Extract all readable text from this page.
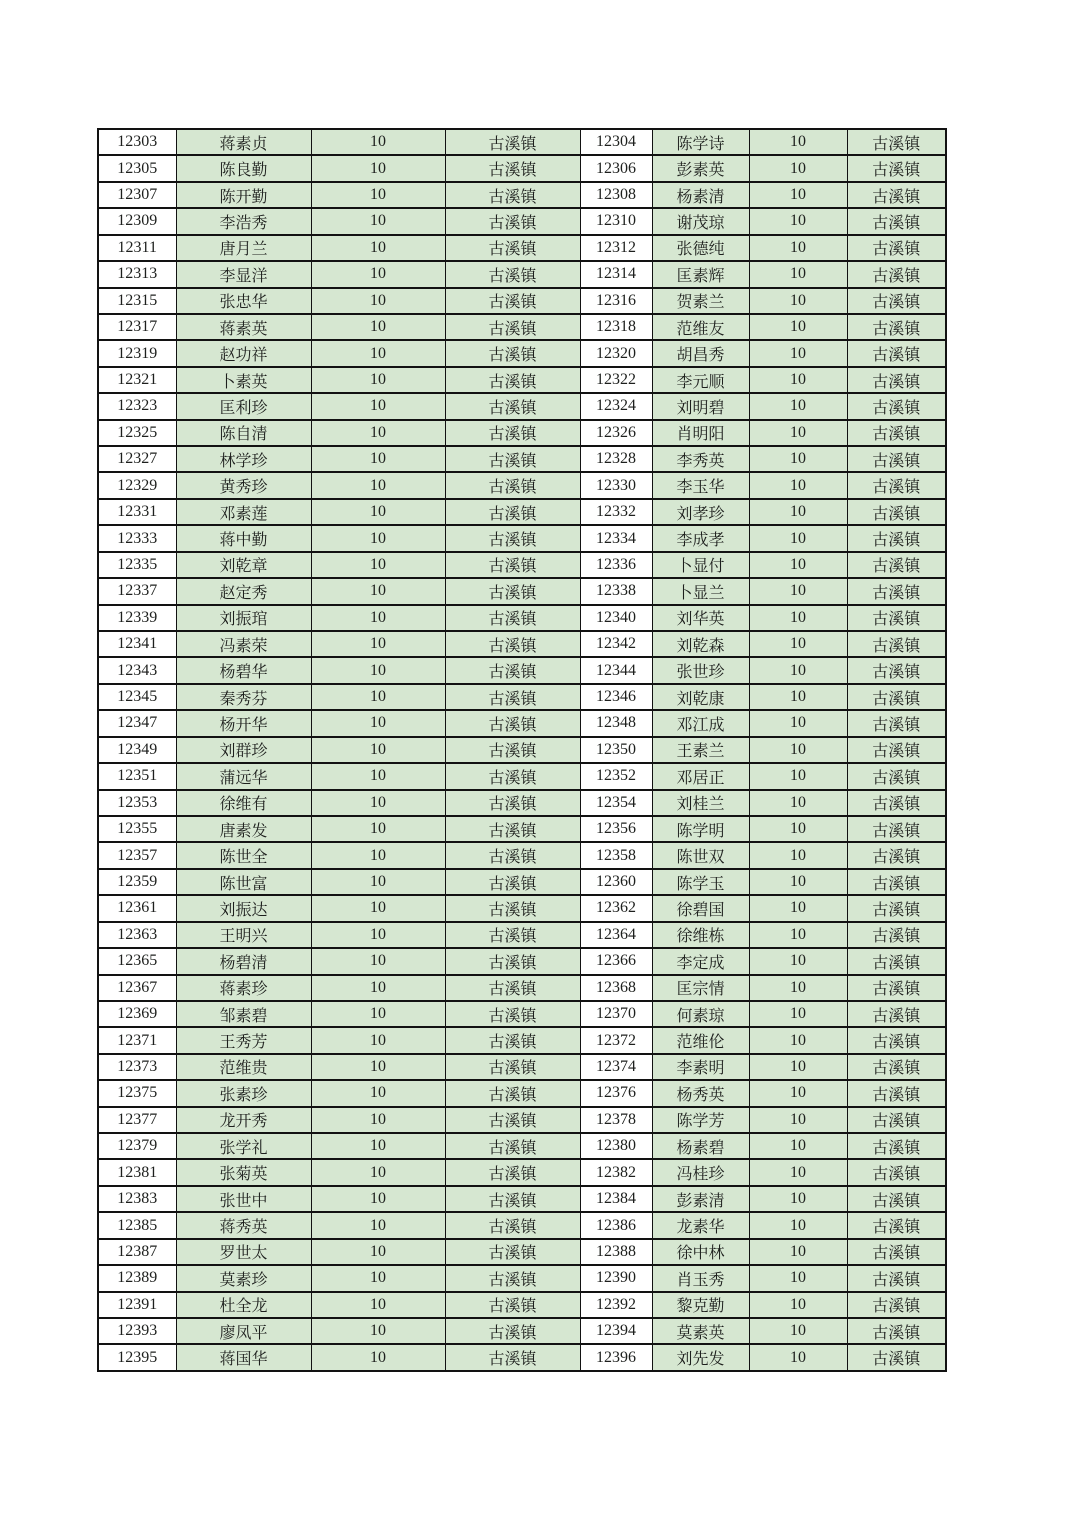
12303	蒋素贞	10	古溪镇	12304	陈学诗	10	古溪镇
12305	陈良勤	10	古溪镇	12306	彭素英	10	古溪镇
12307	陈开勤	10	古溪镇	12308	杨素清	10	古溪镇
12309	李浩秀	10	古溪镇	12310	谢茂琼	10	古溪镇
12311	唐月兰	10	古溪镇	12312	张德纯	10	古溪镇
12313	李显洋	10	古溪镇	12314	匡素辉	10	古溪镇
12315	张忠华	10	古溪镇	12316	贺素兰	10	古溪镇
12317	蒋素英	10	古溪镇	12318	范维友	10	古溪镇
12319	赵功祥	10	古溪镇	12320	胡昌秀	10	古溪镇
12321	卜素英	10	古溪镇	12322	李元顺	10	古溪镇
12323	匡利珍	10	古溪镇	12324	刘明碧	10	古溪镇
12325	陈自清	10	古溪镇	12326	肖明阳	10	古溪镇
12327	林学珍	10	古溪镇	12328	李秀英	10	古溪镇
12329	黄秀珍	10	古溪镇	12330	李玉华	10	古溪镇
12331	邓素莲	10	古溪镇	12332	刘孝珍	10	古溪镇
12333	蒋中勤	10	古溪镇	12334	李成孝	10	古溪镇
12335	刘乾章	10	古溪镇	12336	卜显付	10	古溪镇
12337	赵定秀	10	古溪镇	12338	卜显兰	10	古溪镇
12339	刘振琯	10	古溪镇	12340	刘华英	10	古溪镇
12341	冯素荣	10	古溪镇	12342	刘乾森	10	古溪镇
12343	杨碧华	10	古溪镇	12344	张世珍	10	古溪镇
12345	秦秀芬	10	古溪镇	12346	刘乾康	10	古溪镇
12347	杨开华	10	古溪镇	12348	邓江成	10	古溪镇
12349	刘群珍	10	古溪镇	12350	王素兰	10	古溪镇
12351	蒲远华	10	古溪镇	12352	邓居正	10	古溪镇
12353	徐维有	10	古溪镇	12354	刘桂兰	10	古溪镇
12355	唐素发	10	古溪镇	12356	陈学明	10	古溪镇
12357	陈世全	10	古溪镇	12358	陈世双	10	古溪镇
12359	陈世富	10	古溪镇	12360	陈学玉	10	古溪镇
12361	刘振达	10	古溪镇	12362	徐碧国	10	古溪镇
12363	王明兴	10	古溪镇	12364	徐维栋	10	古溪镇
12365	杨碧清	10	古溪镇	12366	李定成	10	古溪镇
12367	蒋素珍	10	古溪镇	12368	匡宗情	10	古溪镇
12369	邹素碧	10	古溪镇	12370	何素琼	10	古溪镇
12371	王秀芳	10	古溪镇	12372	范维伦	10	古溪镇
12373	范维贵	10	古溪镇	12374	李素明	10	古溪镇
12375	张素珍	10	古溪镇	12376	杨秀英	10	古溪镇
12377	龙开秀	10	古溪镇	12378	陈学芳	10	古溪镇
12379	张学礼	10	古溪镇	12380	杨素碧	10	古溪镇
12381	张菊英	10	古溪镇	12382	冯桂珍	10	古溪镇
12383	张世中	10	古溪镇	12384	彭素清	10	古溪镇
12385	蒋秀英	10	古溪镇	12386	龙素华	10	古溪镇
12387	罗世太	10	古溪镇	12388	徐中林	10	古溪镇
12389	莫素珍	10	古溪镇	12390	肖玉秀	10	古溪镇
12391	杜全龙	10	古溪镇	12392	黎克勤	10	古溪镇
12393	廖凤平	10	古溪镇	12394	莫素英	10	古溪镇
12395	蒋国华	10	古溪镇	12396	刘先发	10	古溪镇
